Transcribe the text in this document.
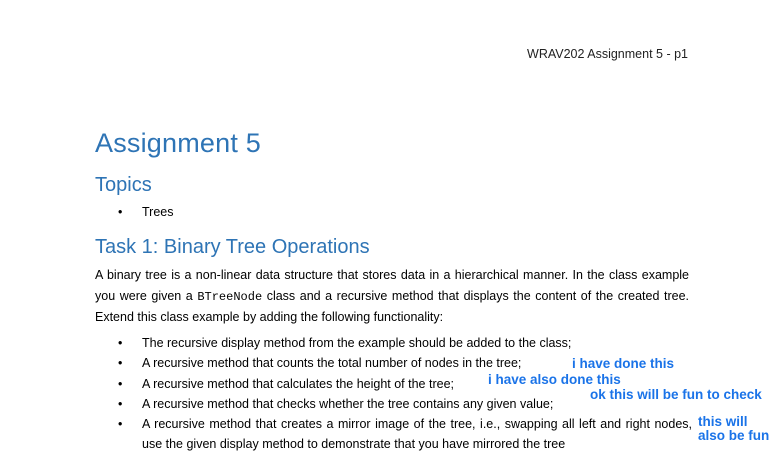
WRAV202 Assignment 5 - p1
Assignment 5
Topics
• Trees
Task 1: Binary Tree Operations

A binary tree is a non-linear data structure that stores data in a hierarchical manner. In the class example you were given a BTreeNode class and a recursive method that displays the content of the created tree. Extend this class example by adding the following functionality:

• The recursive display method from the example should be added to the class;
• A recursive method that counts the total number of nodes in the tree;
• A recursive method that calculates the height of the tree;
• A recursive method that checks whether the tree contains any given value;
• A recursive method that creates a mirror image of the tree, i.e., swapping all left and right nodes, use the given display method to demonstrate that you have mirrored the tree
i have done this
i have also done this
ok this will be fun to check
this will
also be fun
